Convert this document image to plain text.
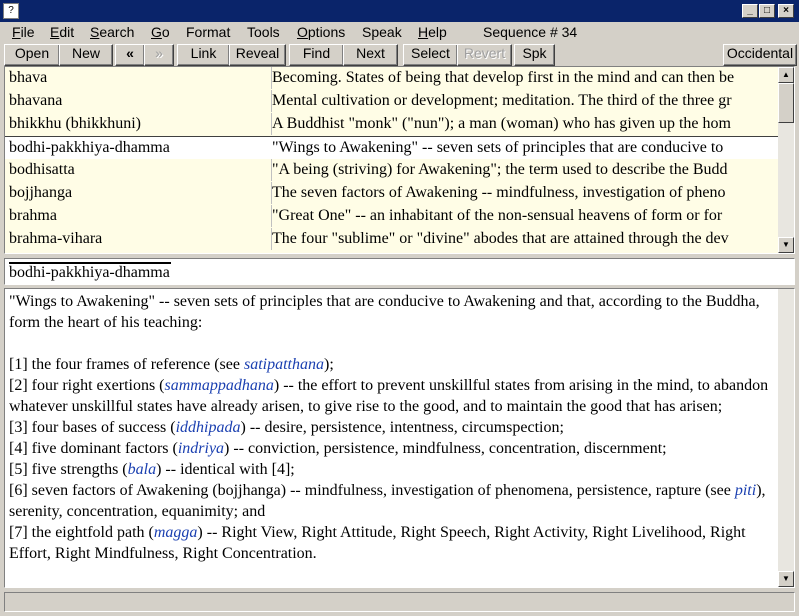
?	_	□	×
File Edit Search Go Format Tools Options Speak Help	Sequence # 34
Open	New	«	»	Link	Reveal	Find	Next	Select Revert	Spk	Occidental
bhava	Becoming. States of being that develop first in the mind and can then be
bhavana	Mental cultivation or development; meditation. The third of the three gr
bhikkhu (bhikkhuni)	A Buddhist "monk" ("nun"); a man (woman) who has given up the hom
bodhi-pakkhiya-dhamma	"Wings to Awakening" -- seven sets of principles that are conducive to
bodhisatta	"A being (striving) for Awakening"; the term used to describe the Budd
bojjhanga	The seven factors of Awakening -- mindfulness, investigation of pheno
brahma	"Great One" -- an inhabitant of the non-sensual heavens of form or for
brahma-vihara	The four "sublime" or "divine" abodes that are attained through the dev
▲
▼
bodhi-pakkhiya-dhamma

"Wings to Awakening" -- seven sets of principles that are conducive to Awakening and that, according to the Buddha, form the heart of his teaching:

[1] the four frames of reference (see satipatthana);

[2] four right exertions (sammappadhana) -- the effort to prevent unskillful states from arising in the mind, to abandon whatever unskillful states have already arisen, to give rise to the good, and to maintain the good that has arisen;

[3] four bases of success (iddhipada) -- desire, persistence, intentness, circumspection;

[4] five dominant factors (indriya) -- conviction, persistence, mindfulness, concentration, discernment;

[5] five strengths (bala) -- identical with [4];

[6] seven factors of Awakening (bojjhanga) -- mindfulness, investigation of phenomena, persistence, rapture (see piti), serenity, concentration, equanimity; and

[7] the eightfold path (magga) -- Right View, Right Attitude, Right Speech, Right Activity, Right Livelihood, Right Effort, Right Mindfulness, Right Concentration.

▼
